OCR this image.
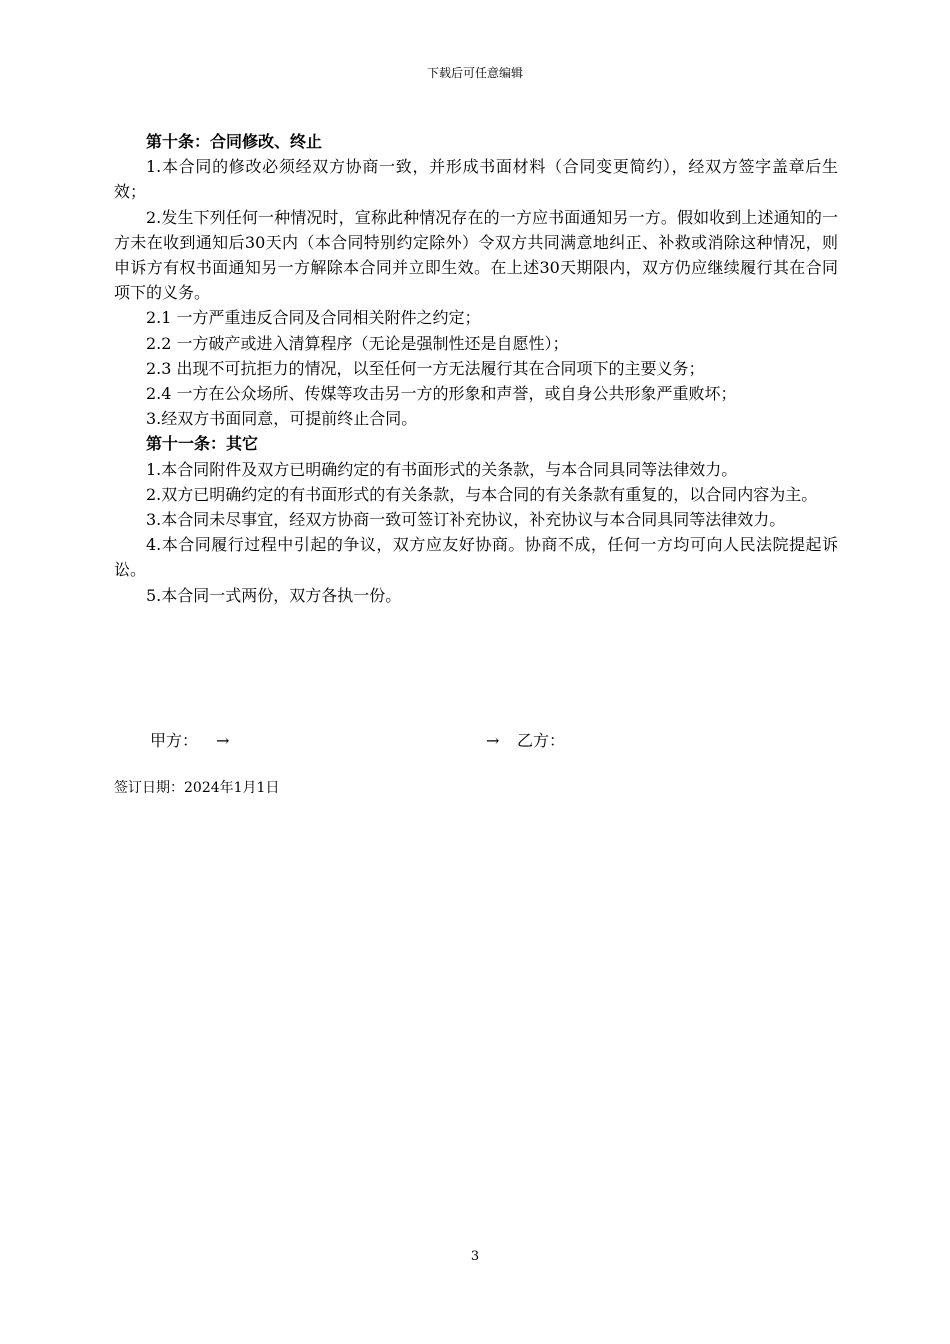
下载后可任意编辑

第十条：合同修改、终止

1.本合同的修改必须经双方协商一致，并形成书面材料（合同变更简约），经双方签字盖章后生效；

2.发生下列任何一种情况时，宣称此种情况存在的一方应书面通知另一方。假如收到上述通知的一方未在收到通知后30天内（本合同特别约定除外）令双方共同满意地纠正、补救或消除这种情况，则申诉方有权书面通知另一方解除本合同并立即生效。在上述30天期限内，双方仍应继续履行其在合同项下的义务。

2.1 一方严重违反合同及合同相关附件之约定；

2.2 一方破产或进入清算程序（无论是强制性还是自愿性）；

2.3 出现不可抗拒力的情况，以至任何一方无法履行其在合同项下的主要义务；

2.4 一方在公众场所、传媒等攻击另一方的形象和声誉，或自身公共形象严重败坏；

3.经双方书面同意，可提前终止合同。

第十一条：其它

1.本合同附件及双方已明确约定的有书面形式的关条款，与本合同具同等法律效力。

2.双方已明确约定的有书面形式的有关条款，与本合同的有关条款有重复的，以合同内容为主。

3.本合同未尽事宜，经双方协商一致可签订补充协议，补充协议与本合同具同等法律效力。

4.本合同履行过程中引起的争议，双方应友好协商。协商不成，任何一方均可向人民法院提起诉讼。

5.本合同一式两份，双方各执一份。

甲方： →	→ 乙方：
签订日期：2024年1月1日
3
